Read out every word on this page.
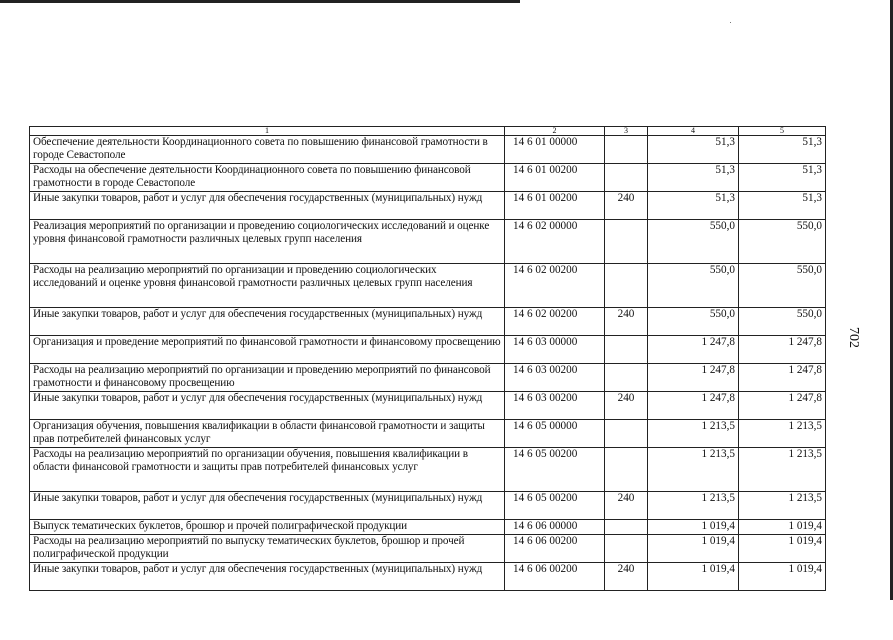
702
1	2	3	4	5
Обеспечение деятельности Координационного совета по повышению финансовой грамотности в городе Севастополе	14 6 01 00000		51,3	51,3
Расходы на обеспечение деятельности Координационного совета по повышению финансовой грамотности в городе Севастополе	14 6 01 00200		51,3	51,3
Иные закупки товаров, работ и услуг для обеспечения государственных (муниципальных) нужд	14 6 01 00200	240	51,3	51,3
Реализация мероприятий по организации и проведению социологических исследований и оценке уровня финансовой грамотности различных целевых групп населения	14 6 02 00000		550,0	550,0
Расходы на реализацию мероприятий по организации и проведению социологических исследований и оценке уровня финансовой грамотности различных целевых групп населения	14 6 02 00200		550,0	550,0
Иные закупки товаров, работ и услуг для обеспечения государственных (муниципальных) нужд	14 6 02 00200	240	550,0	550,0
Организация и проведение мероприятий по финансовой грамотности и финансовому просвещению	14 6 03 00000		1 247,8	1 247,8
Расходы на реализацию мероприятий по организации и проведению мероприятий по финансовой грамотности и финансовому просвещению	14 6 03 00200		1 247,8	1 247,8
Иные закупки товаров, работ и услуг для обеспечения государственных (муниципальных) нужд	14 6 03 00200	240	1 247,8	1 247,8
Организация обучения, повышения квалификации в области финансовой грамотности и защиты прав потребителей финансовых услуг	14 6 05 00000		1 213,5	1 213,5
Расходы на реализацию мероприятий по организации обучения, повышения квалификации в области финансовой грамотности и защиты прав потребителей финансовых услуг	14 6 05 00200		1 213,5	1 213,5
Иные закупки товаров, работ и услуг для обеспечения государственных (муниципальных) нужд	14 6 05 00200	240	1 213,5	1 213,5
Выпуск тематических буклетов, брошюр и прочей полиграфической продукции	14 6 06 00000		1 019,4	1 019,4
Расходы на реализацию мероприятий по выпуску тематических буклетов, брошюр и прочей полиграфической продукции	14 6 06 00200		1 019,4	1 019,4
Иные закупки товаров, работ и услуг для обеспечения государственных (муниципальных) нужд	14 6 06 00200	240	1 019,4	1 019,4
